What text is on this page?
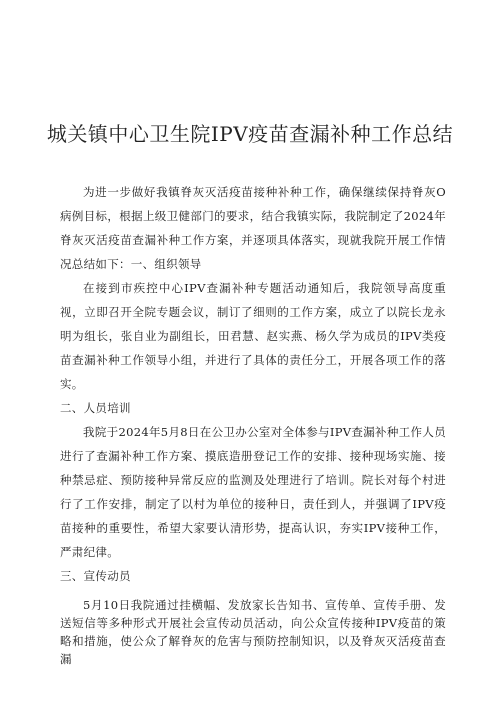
城关镇中心卫生院IPV疫苗查漏补种工作总结

为进一步做好我镇脊灰灭活疫苗接种补种工作，确保继续保持脊灰O病例目标，根据上级卫健部门的要求，结合我镇实际，我院制定了2024年脊灰灭活疫苗查漏补种工作方案，并逐项具体落实，现就我院开展工作情况总结如下：一、组织领导

在接到市疾控中心IPV查漏补种专题活动通知后，我院领导高度重视，立即召开全院专题会议，制订了细则的工作方案，成立了以院长龙永明为组长，张自业为副组长，田君慧、赵实燕、杨久学为成员的IPV类疫苗查漏补种工作领导小组，并进行了具体的责任分工，开展各项工作的落实。

二、人员培训

我院于2024年5月8日在公卫办公室对全体参与IPV查漏补种工作人员进行了查漏补种工作方案、摸底造册登记工作的安排、接种现场实施、接种禁忌症、预防接种异常反应的监测及处理进行了培训。院长对每个村进行了工作安排，制定了以村为单位的接种日，责任到人，并强调了IPV疫苗接种的重要性，希望大家要认清形势，提高认识，夯实IPV接种工作，严肃纪律。

三、宣传动员

5月10日我院通过挂横幅、发放家长告知书、宣传单、宣传手册、发送短信等多种形式开展社会宣传动员活动，向公众宣传接种IPV疫苗的策略和措施，使公众了解脊灰的危害与预防控制知识，以及脊灰灭活疫苗查漏
